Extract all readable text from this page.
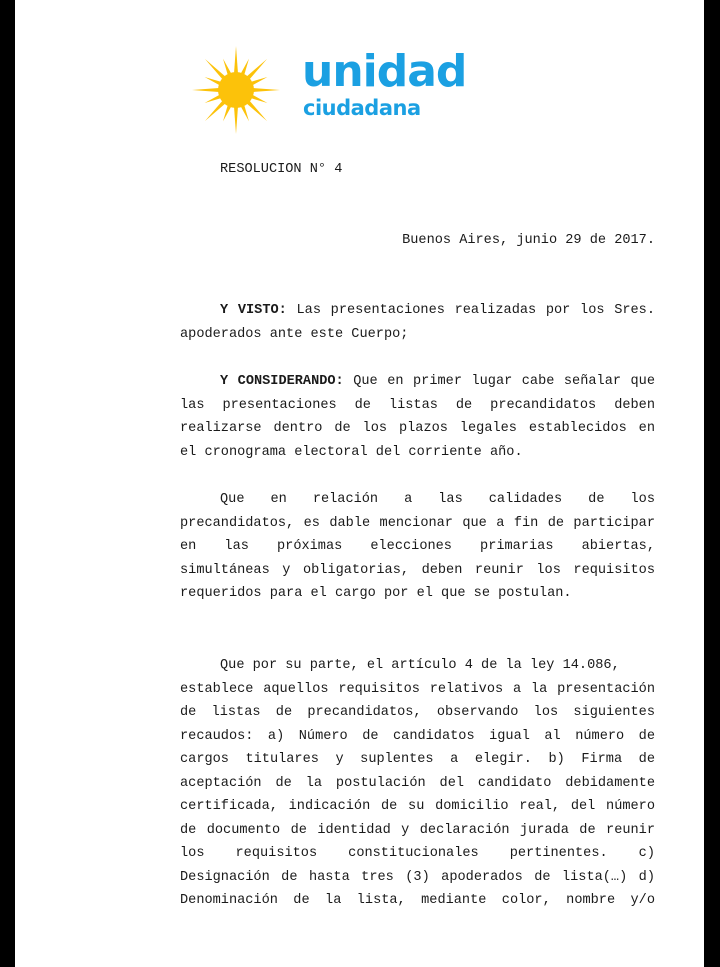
unidad
ciudadana
RESOLUCION N° 4
Buenos Aires, junio 29 de 2017.
Y VISTO: Las presentaciones realizadas por los Sres.
apoderados ante este Cuerpo;
Y CONSIDERANDO: Que en primer lugar cabe señalar que
las presentaciones de listas de precandidatos deben
realizarse dentro de los plazos legales establecidos en
el cronograma electoral del corriente año.
Que en relación a las calidades de los
precandidatos, es dable mencionar que a fin de participar
en las próximas elecciones primarias abiertas,
simultáneas y obligatorias, deben reunir los requisitos
requeridos para el cargo por el que se postulan.
Que por su parte, el artículo 4 de la ley 14.086,
establece aquellos requisitos relativos a la presentación
de listas de precandidatos, observando los siguientes
recaudos: a) Número de candidatos igual al número de
cargos titulares y suplentes a elegir. b) Firma de
aceptación de la postulación del candidato debidamente
certificada, indicación de su domicilio real, del número
de documento de identidad y declaración jurada de reunir
los requisitos constitucionales pertinentes. c)
Designación de hasta tres (3) apoderados de lista(…) d)
Denominación de la lista, mediante color, nombre y/o
